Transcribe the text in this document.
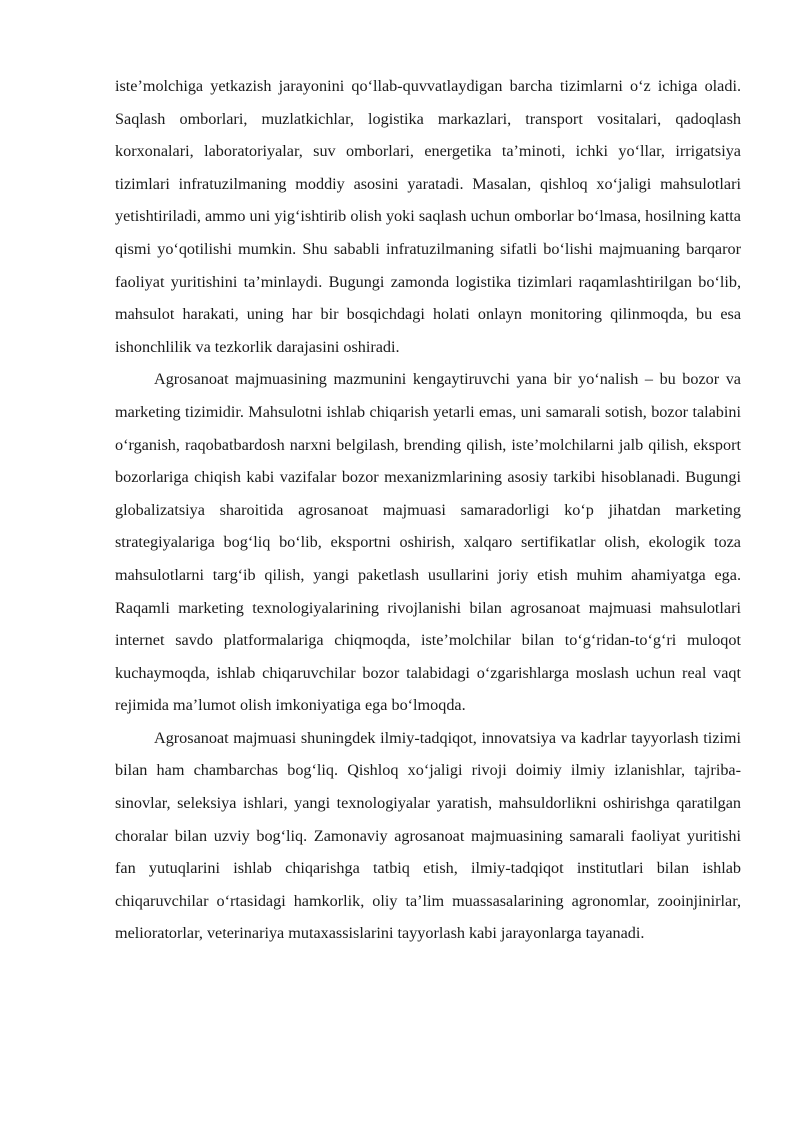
iste’molchiga yetkazish jarayonini qo‘llab-quvvatlaydigan barcha tizimlarni o‘z ichiga oladi. Saqlash omborlari, muzlatkichlar, logistika markazlari, transport vositalari, qadoqlash korxonalari, laboratoriyalar, suv omborlari, energetika ta’minoti, ichki yo‘llar, irrigatsiya tizimlari infratuzilmaning moddiy asosini yaratadi. Masalan, qishloq xo‘jaligi mahsulotlari yetishtiriladi, ammo uni yig‘ishtirib olish yoki saqlash uchun omborlar bo‘lmasa, hosilning katta qismi yo‘qotilishi mumkin. Shu sababli infratuzilmaning sifatli bo‘lishi majmuaning barqaror faoliyat yuritishini ta’minlaydi. Bugungi zamonda logistika tizimlari raqamlashtirilgan bo‘lib, mahsulot harakati, uning har bir bosqichdagi holati onlayn monitoring qilinmoqda, bu esa ishonchlilik va tezkorlik darajasini oshiradi.

Agrosanoat majmuasining mazmunini kengaytiruvchi yana bir yo‘nalish – bu bozor va marketing tizimidir. Mahsulotni ishlab chiqarish yetarli emas, uni samarali sotish, bozor talabini o‘rganish, raqobatbardosh narxni belgilash, brending qilish, iste’molchilarni jalb qilish, eksport bozorlariga chiqish kabi vazifalar bozor mexanizmlarining asosiy tarkibi hisoblanadi. Bugungi globalizatsiya sharoitida agrosanoat majmuasi samaradorligi ko‘p jihatdan marketing strategiyalariga bog‘liq bo‘lib, eksportni oshirish, xalqaro sertifikatlar olish, ekologik toza mahsulotlarni targ‘ib qilish, yangi paketlash usullarini joriy etish muhim ahamiyatga ega. Raqamli marketing texnologiyalarining rivojlanishi bilan agrosanoat majmuasi mahsulotlari internet savdo platformalariga chiqmoqda, iste’molchilar bilan to‘g‘ridan-to‘g‘ri muloqot kuchaymoqda, ishlab chiqaruvchilar bozor talabidagi o‘zgarishlarga moslash uchun real vaqt rejimida ma’lumot olish imkoniyatiga ega bo‘lmoqda.

Agrosanoat majmuasi shuningdek ilmiy-tadqiqot, innovatsiya va kadrlar tayyorlash tizimi bilan ham chambarchas bog‘liq. Qishloq xo‘jaligi rivoji doimiy ilmiy izlanishlar, tajriba-sinovlar, seleksiya ishlari, yangi texnologiyalar yaratish, mahsuldorlikni oshirishga qaratilgan choralar bilan uzviy bog‘liq. Zamonaviy agrosanoat majmuasining samarali faoliyat yuritishi fan yutuqlarini ishlab chiqarishga tatbiq etish, ilmiy-tadqiqot institutlari bilan ishlab chiqaruvchilar o‘rtasidagi hamkorlik, oliy ta’lim muassasalarining agronomlar, zooinjinirlar, melioratorlar, veterinariya mutaxassislarini tayyorlash kabi jarayonlarga tayanadi.
